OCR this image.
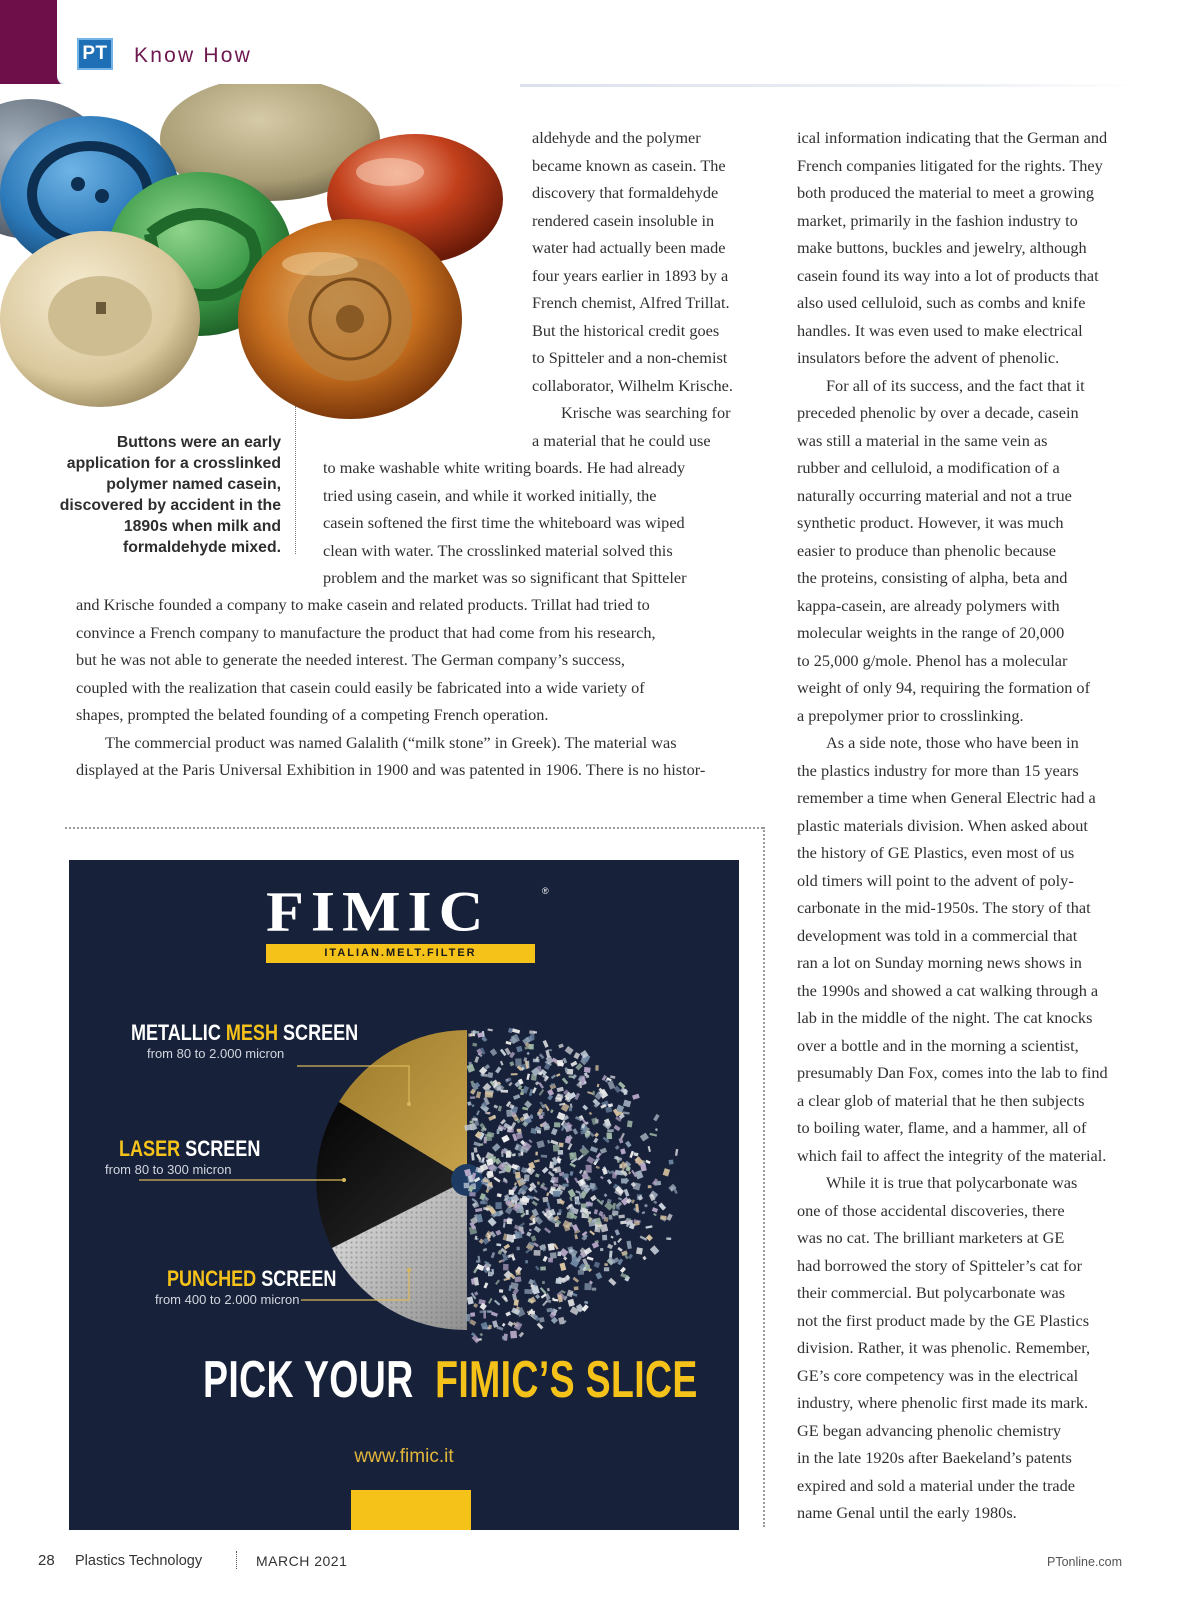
PT Know How
Buttons were an early application for a crosslinked polymer named casein, discovered by accident in the 1890s when milk and formaldehyde mixed.
aldehyde and the polymer
became known as casein. The
discovery that formaldehyde
rendered casein insoluble in
water had actually been made
four years earlier in 1893 by a
French chemist, Alfred Trillat.
But the historical credit goes
to Spitteler and a non-chemist
collaborator, Wilhelm Krische.
Krische was searching for
a material that he could use
to make washable white writing boards. He had already
tried using casein, and while it worked initially, the
casein softened the first time the whiteboard was wiped
clean with water. The crosslinked material solved this
problem and the market was so significant that Spitteler
and Krische founded a company to make casein and related products. Trillat had tried to
convince a French company to manufacture the product that had come from his research,
but he was not able to generate the needed interest. The German company’s success,
coupled with the realization that casein could easily be fabricated into a wide variety of
shapes, prompted the belated founding of a competing French operation.
The commercial product was named Galalith (“milk stone” in Greek). The material was
displayed at the Paris Universal Exhibition in 1900 and was patented in 1906. There is no histor-
ical information indicating that the German and
French companies litigated for the rights. They
both produced the material to meet a growing
market, primarily in the fashion industry to
make buttons, buckles and jewelry, although
casein found its way into a lot of products that
also used celluloid, such as combs and knife
handles. It was even used to make electrical
insulators before the advent of phenolic.
For all of its success, and the fact that it
preceded phenolic by over a decade, casein
was still a material in the same vein as
rubber and celluloid, a modification of a
naturally occurring material and not a true
synthetic product. However, it was much
easier to produce than phenolic because
the proteins, consisting of alpha, beta and
kappa-casein, are already polymers with
molecular weights in the range of 20,000
to 25,000 g/mole. Phenol has a molecular
weight of only 94, requiring the formation of
a prepolymer prior to crosslinking.
As a side note, those who have been in
the plastics industry for more than 15 years
remember a time when General Electric had a
plastic materials division. When asked about
the history of GE Plastics, even most of us
old timers will point to the advent of poly-
carbonate in the mid-1950s. The story of that
development was told in a commercial that
ran a lot on Sunday morning news shows in
the 1990s and showed a cat walking through a
lab in the middle of the night. The cat knocks
over a bottle and in the morning a scientist,
presumably Dan Fox, comes into the lab to find
a clear glob of material that he then subjects
to boiling water, flame, and a hammer, all of
which fail to affect the integrity of the material.
While it is true that polycarbonate was
one of those accidental discoveries, there
was no cat. The brilliant marketers at GE
had borrowed the story of Spitteler’s cat for
their commercial. But polycarbonate was
not the first product made by the GE Plastics
division. Rather, it was phenolic. Remember,
GE’s core competency was in the electrical
industry, where phenolic first made its mark.
GE began advancing phenolic chemistry
in the late 1920s after Baekeland’s patents
expired and sold a material under the trade
name Genal until the early 1980s.
FIMIC	®
ITALIAN.MELT.FILTER
METALLIC MESH SCREEN
from 80 to 2.000 micron
LASER SCREEN
from 80 to 300 micron
PUNCHED SCREEN
from 400 to 2.000 micron
PICK YOUR FIMIC’S SLICE
www.fimic.it
28 Plastics Technology	MARCH 2021	PTonline.com
